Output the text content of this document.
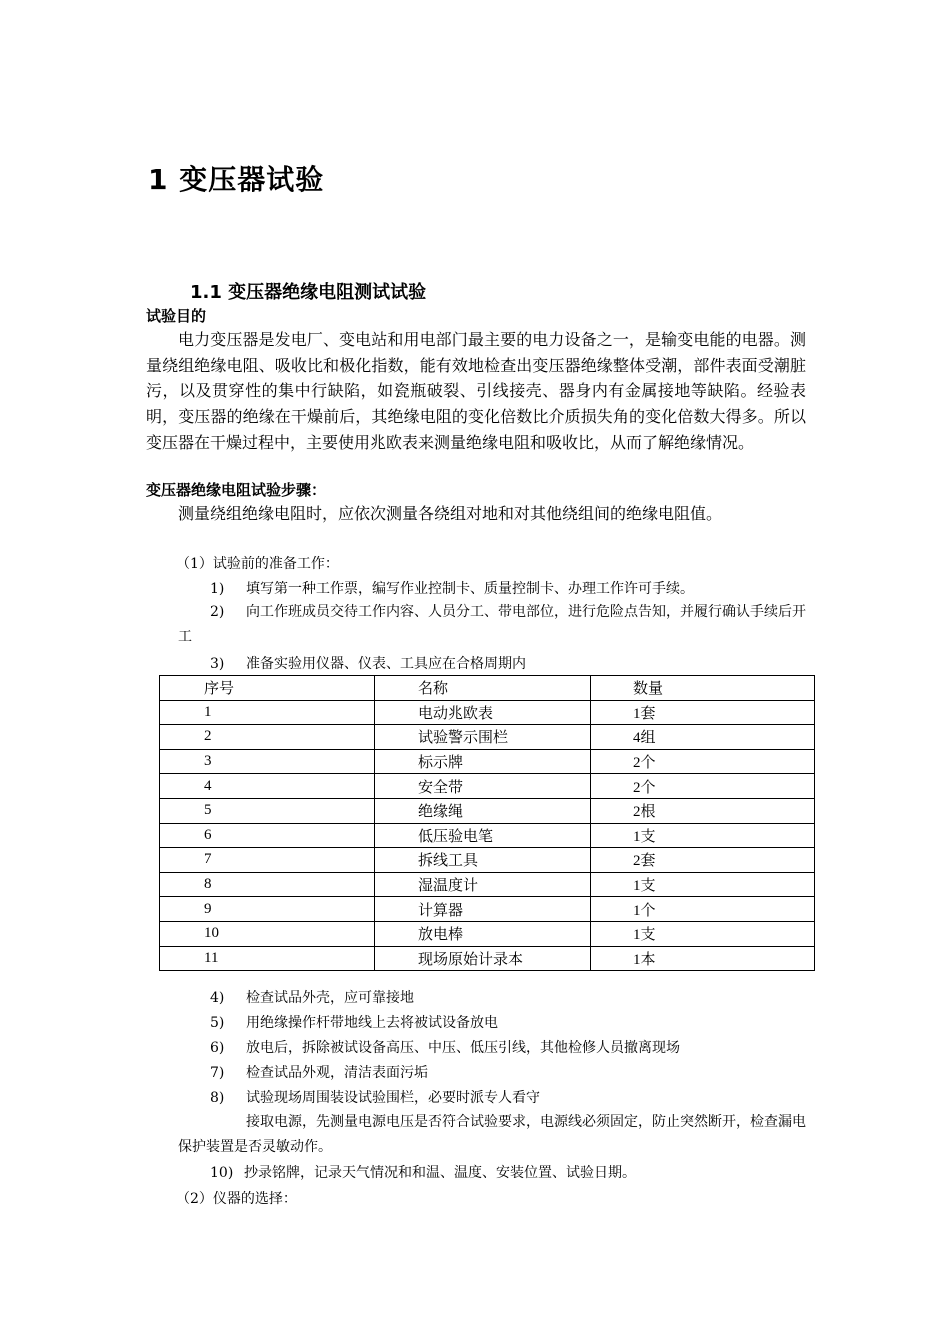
1 变压器试验
1.1 变压器绝缘电阻测试试验
试验目的
电力变压器是发电厂、变电站和用电部门最主要的电力设备之一，是输变电能的电器。测量绕组绝缘电阻、吸收比和极化指数，能有效地检查出变压器绝缘整体受潮，部件表面受潮脏污，以及贯穿性的集中行缺陷，如瓷瓶破裂、引线接壳、器身内有金属接地等缺陷。经验表明，变压器的绝缘在干燥前后，其绝缘电阻的变化倍数比介质损失角的变化倍数大得多。所以变压器在干燥过程中，主要使用兆欧表来测量绝缘电阻和吸收比，从而了解绝缘情况。
变压器绝缘电阻试验步骤：
测量绕组绝缘电阻时，应依次测量各绕组对地和对其他绕组间的绝缘电阻值。
（1）试验前的准备工作：
1) 填写第一种工作票，编写作业控制卡、质量控制卡、办理工作许可手续。
2) 向工作班成员交待工作内容、人员分工、带电部位，进行危险点告知，并履行确认手续后开工
3) 准备实验用仪器、仪表、工具应在合格周期内
序号	名称	数量
1	电动兆欧表	1套
2	试验警示围栏	4组
3	标示牌	2个
4	安全带	2个
5	绝缘绳	2根
6	低压验电笔	1支
7	拆线工具	2套
8	湿温度计	1支
9	计算器	1个
10	放电棒	1支
11	现场原始计录本	1本
4) 检查试品外壳，应可靠接地
5) 用绝缘操作杆带地线上去将被试设备放电
6) 放电后，拆除被试设备高压、中压、低压引线，其他检修人员撤离现场
7) 检查试品外观，清洁表面污垢
8) 试验现场周围装设试验围栏，必要时派专人看守
接取电源，先测量电源电压是否符合试验要求，电源线必须固定，防止突然断开，检查漏电保护装置是否灵敏动作。
10) 抄录铭牌，记录天气情况和和温、温度、安装位置、试验日期。
（2）仪器的选择：
